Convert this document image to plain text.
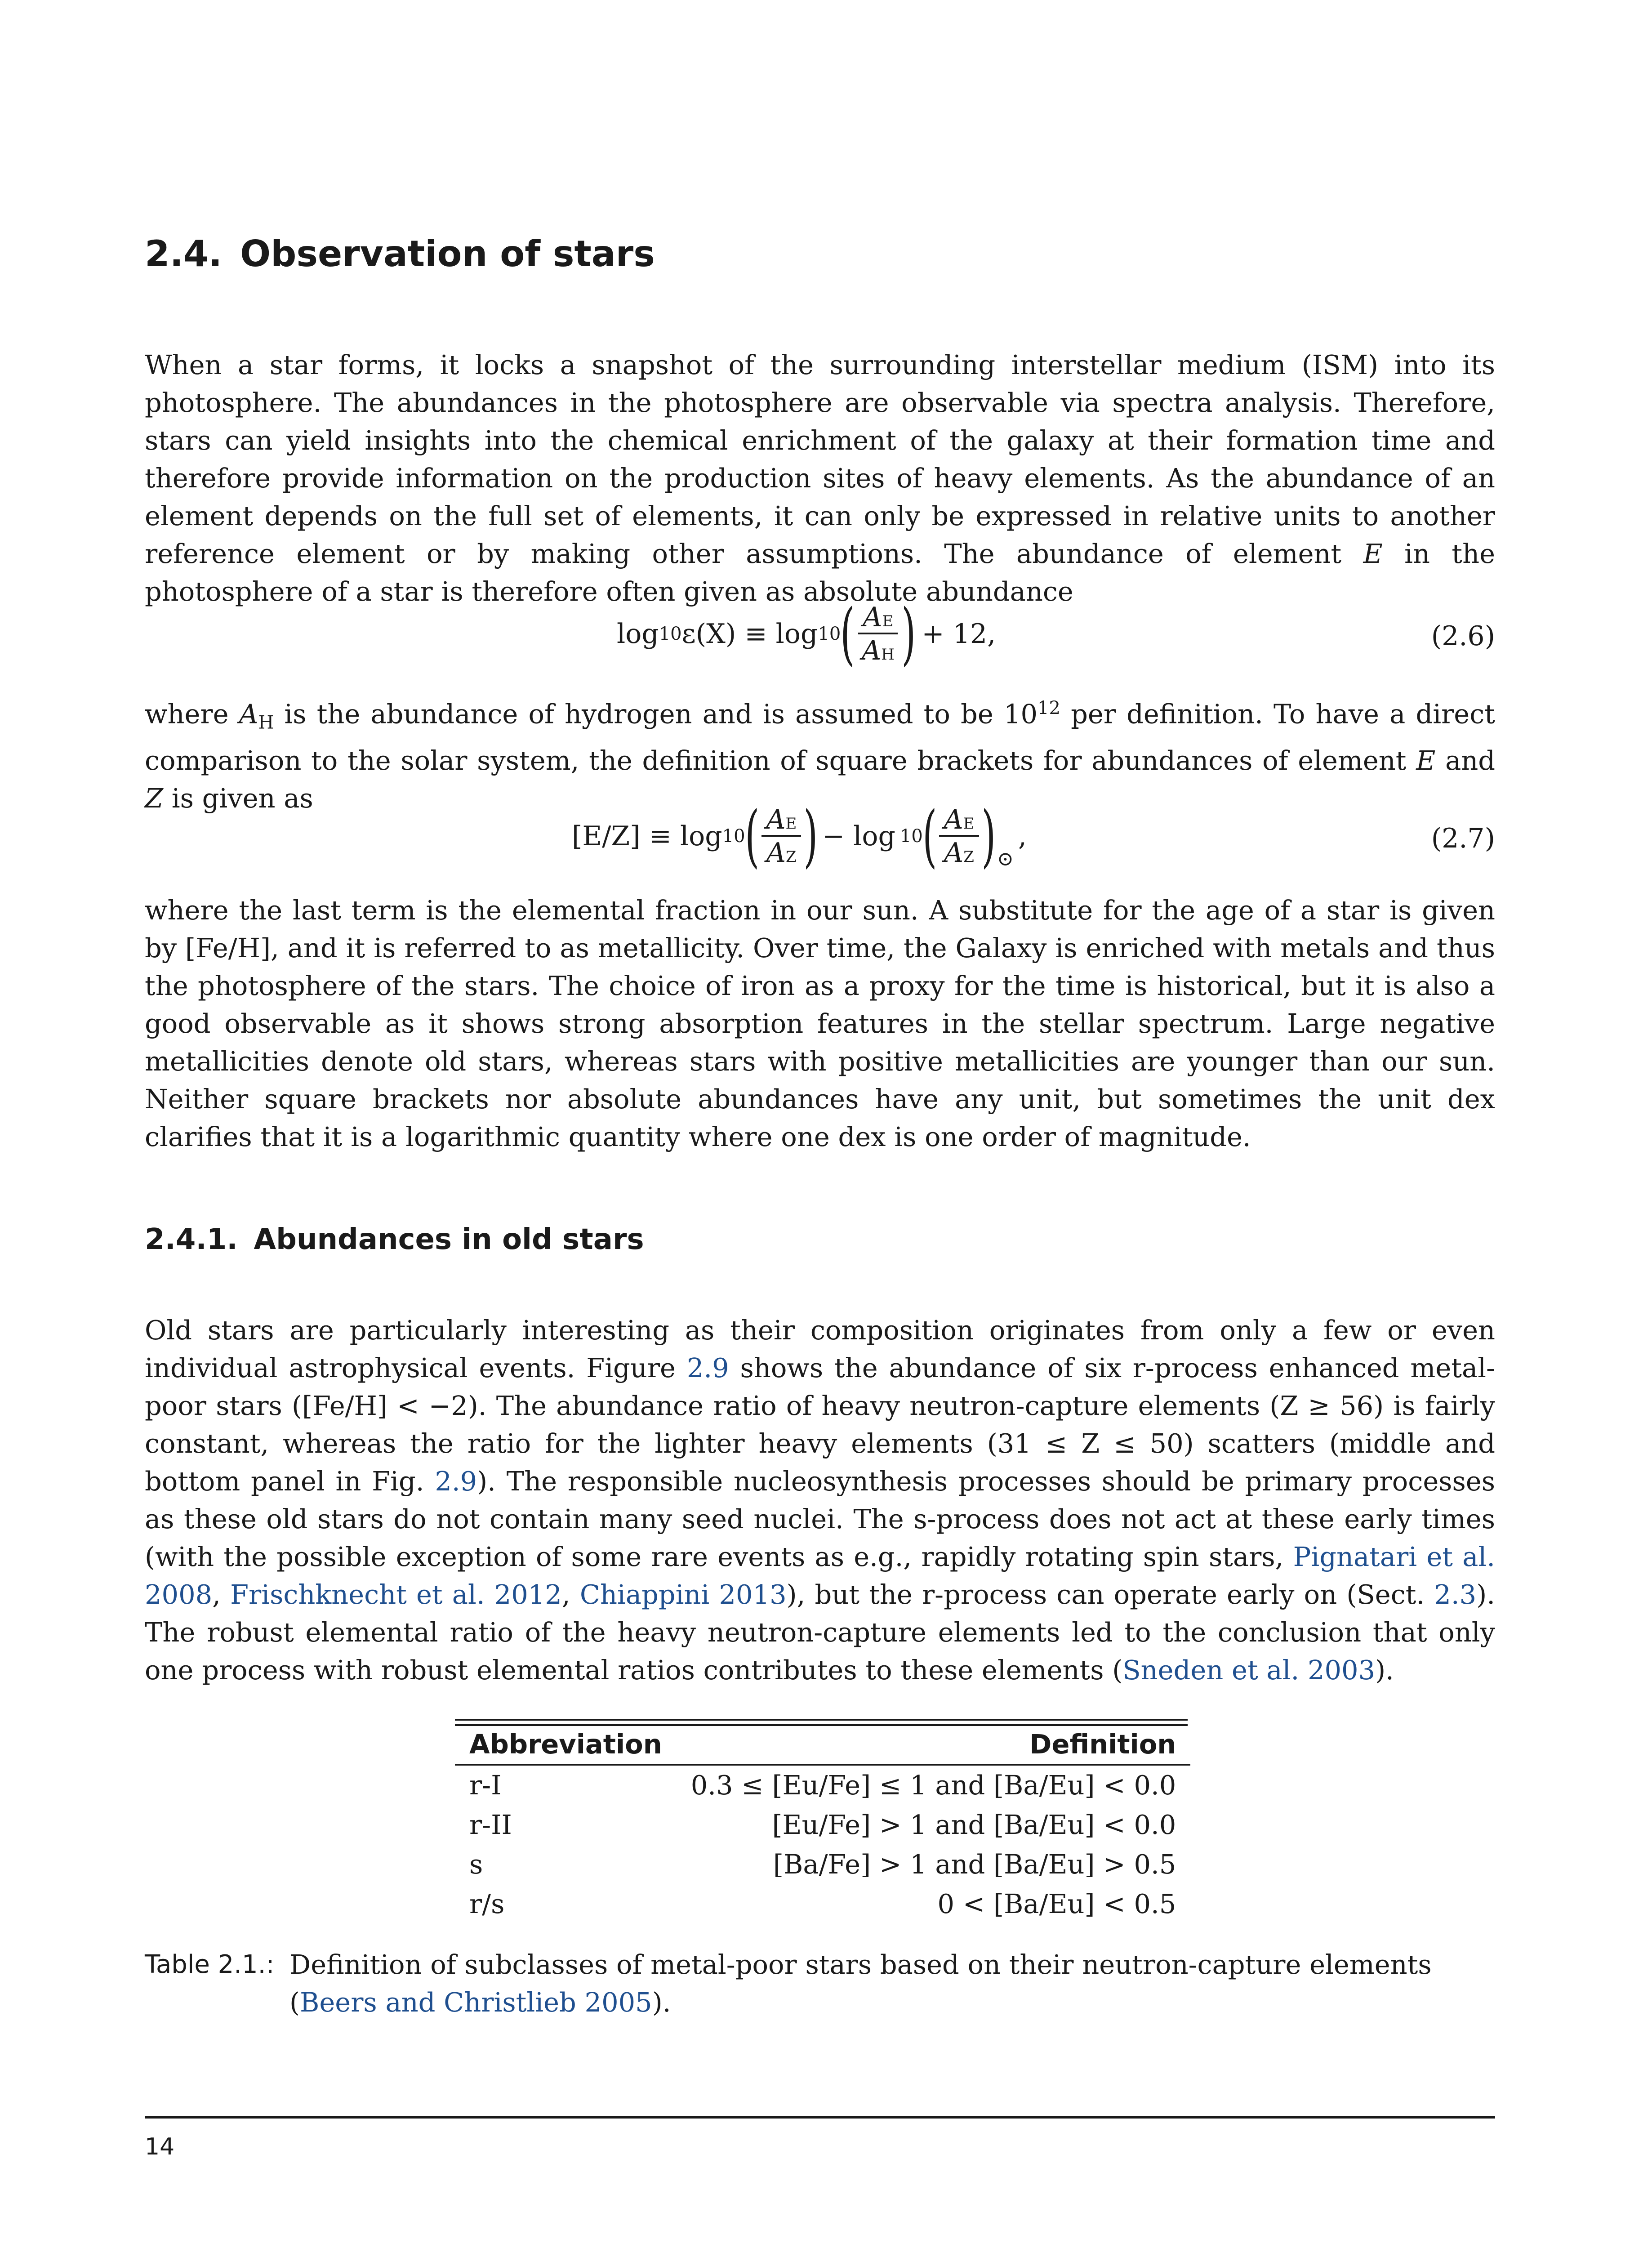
2.4. Observation of stars

When a star forms, it locks a snapshot of the surrounding interstellar medium (ISM) into its photosphere. The abundances in the photosphere are observable via spectra analysis. Therefore, stars can yield insights into the chemical enrichment of the galaxy at their formation time and therefore provide information on the production sites of heavy elements. As the abundance of an element depends on the full set of elements, it can only be expressed in relative units to another reference element or by making other assumptions. The abundance of element E in the photosphere of a star is therefore often given as absolute abundance

log 10 ε(X) ≡ log 10 ( $\frac{AE}{AH}$ ) + 12,	(2.6)

where $A_H$ is the abundance of hydrogen and is assumed to be $10^{12}$ per definition. To have a direct comparison to the solar system, the definition of square brackets for abundances of element E and Z is given as

[E/Z] ≡ log 10 ( $\frac{AE}{AZ}$ ) − log 10 ( $\frac{AE}{AZ}$ ) ⊙
,	(2.7)

where the last term is the elemental fraction in our sun. A substitute for the age of a star is given by [Fe/H], and it is referred to as metallicity. Over time, the Galaxy is enriched with metals and thus the photosphere of the stars. The choice of iron as a proxy for the time is historical, but it is also a good observable as it shows strong absorption features in the stellar spectrum. Large negative metallicities denote old stars, whereas stars with positive metallicities are younger than our sun. Neither square brackets nor absolute abundances have any unit, but sometimes the unit dex clarifies that it is a logarithmic quantity where one dex is one order of magnitude.

2.4.1. Abundances in old stars

Old stars are particularly interesting as their composition originates from only a few or even individual astrophysical events. Figure 2.9 shows the abundance of six r-process enhanced metal-poor stars ([Fe/H] < −2). The abundance ratio of heavy neutron-capture elements (Z ≥ 56) is fairly constant, whereas the ratio for the lighter heavy elements (31 ≤ Z ≤ 50) scatters (middle and bottom panel in Fig. 2.9). The responsible nucleosynthesis processes should be primary processes as these old stars do not contain many seed nuclei. The s-process does not act at these early times (with the possible exception of some rare events as e.g., rapidly rotating spin stars, Pignatari et al. 2008, Frischknecht et al. 2012, Chiappini 2013), but the r-process can operate early on (Sect. 2.3). The robust elemental ratio of the heavy neutron-capture elements led to the conclusion that only one process with robust elemental ratios contributes to these elements (Sneden et al. 2003).

Abbreviation	Definition

r-I	0.3 ≤ [Eu/Fe] ≤ 1 and [Ba/Eu] < 0.0
r-II	[Eu/Fe] > 1 and [Ba/Eu] < 0.0
s	[Ba/Fe] > 1 and [Ba/Eu] > 0.5
r/s	0 < [Ba/Eu] < 0.5
Table 2.1.: Definition of subclasses of metal-poor stars based on their neutron-capture elements (Beers and Christlieb 2005).
14
